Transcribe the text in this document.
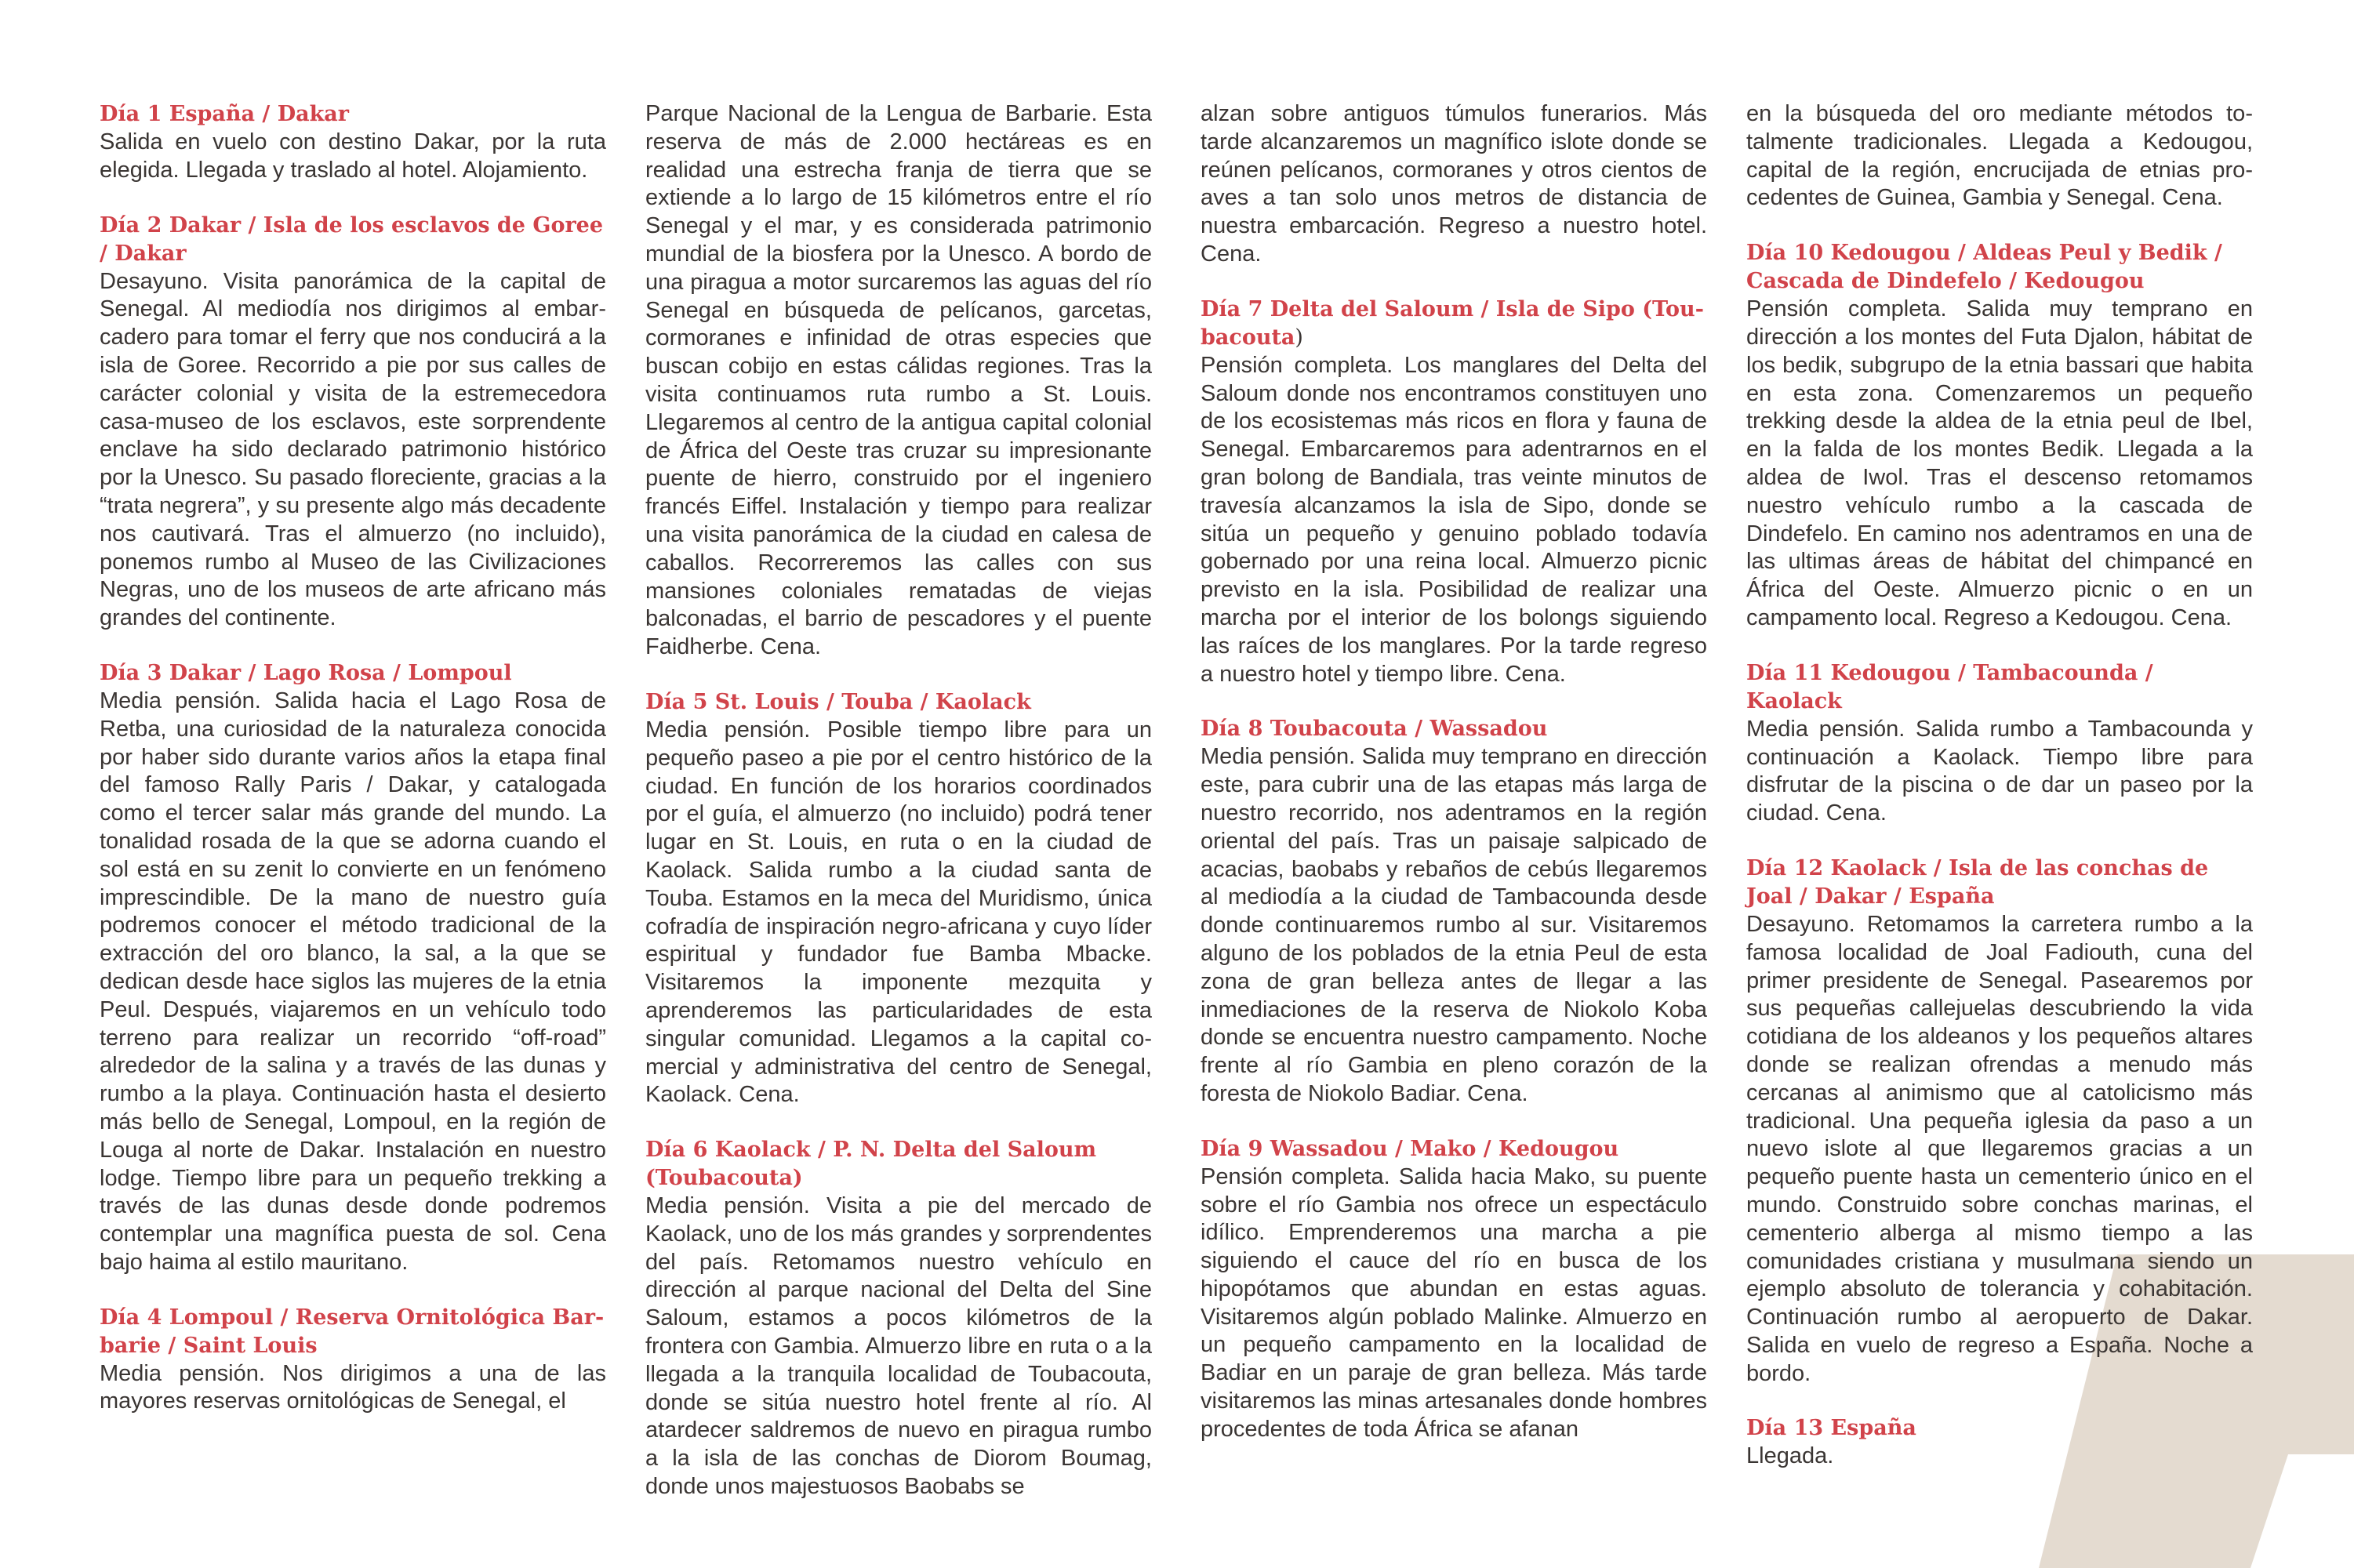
Día 1 España / Dakar

Salida en vuelo con destino Dakar, por la ruta elegida. Llegada y traslado al hotel. Alojamiento.

Día 2 Dakar / Isla de los esclavos de Goree / Dakar

Desayuno. Visita panorámica de la capital de Senegal. Al mediodía nos dirigimos al embarcadero para tomar el ferry que nos conducirá a la isla de Goree. Recorrido a pie por sus calles de carácter colonial y visita de la estremecedora casa-museo de los esclavos, este sorprendente enclave ha sido declarado patrimonio histórico por la Unesco. Su pasado floreciente, gracias a la “trata negrera”, y su presente algo más decadente nos cautivará. Tras el almuerzo (no incluido), ponemos rumbo al Museo de las Civilizaciones Negras, uno de los museos de arte africano más grandes del continente.

Día 3 Dakar / Lago Rosa / Lompoul

Media pensión. Salida hacia el Lago Rosa de Retba, una curiosidad de la naturaleza conocida por haber sido durante varios años la etapa final del famoso Rally Paris / Dakar, y catalogada como el tercer salar más grande del mundo. La tonalidad rosada de la que se adorna cuando el sol está en su zenit lo convierte en un fenómeno imprescindible. De la mano de nuestro guía podremos conocer el método tradicional de la extracción del oro blanco, la sal, a la que se dedican desde hace siglos las mujeres de la etnia Peul. Después, viajaremos en un vehículo todo terreno para realizar un recorrido “off-road” alrededor de la salina y a través de las dunas y rumbo a la playa. Continuación hasta el desierto más bello de Senegal, Lompoul, en la región de Louga al norte de Dakar. Instalación en nuestro lodge. Tiempo libre para un pequeño trekking a través de las dunas desde donde podremos contemplar una magnífica puesta de sol. Cena bajo haima al estilo mauritano.

Día 4 Lompoul / Reserva Ornitológica Barbarie / Saint Louis

Media pensión. Nos dirigimos a una de las mayores reservas ornitológicas de Senegal, el

Parque Nacional de la Lengua de Barbarie. Esta reserva de más de 2.000 hectáreas es en realidad una estrecha franja de tierra que se extiende a lo largo de 15 kilómetros entre el río Senegal y el mar, y es considerada patrimonio mundial de la biosfera por la Unesco. A bordo de una piragua a motor surcaremos las aguas del río Senegal en búsqueda de pelícanos, garcetas, cormoranes e infinidad de otras especies que buscan cobijo en estas cálidas regiones. Tras la visita continuamos ruta rumbo a St. Louis. Llegaremos al centro de la antigua capital colonial de África del Oeste tras cruzar su impresionante puente de hierro, construido por el ingeniero francés Eiffel. Instalación y tiempo para realizar una visita panorámica de la ciudad en calesa de caballos. Recorreremos las calles con sus mansiones coloniales rematadas de viejas balconadas, el barrio de pescadores y el puente Faidherbe. Cena.

Día 5 St. Louis / Touba / Kaolack

Media pensión. Posible tiempo libre para un pequeño paseo a pie por el centro histórico de la ciudad. En función de los horarios coordinados por el guía, el almuerzo (no incluido) podrá tener lugar en St. Louis, en ruta o en la ciudad de Kaolack. Salida rumbo a la ciudad santa de Touba. Estamos en la meca del Muridismo, única cofradía de inspiración negro-africana y cuyo líder espiritual y fundador fue Bamba Mbacke. Visitaremos la imponente mezquita y aprenderemos las particularidades de esta singular comunidad. Llegamos a la capital comercial y administrativa del centro de Senegal, Kaolack. Cena.

Día 6 Kaolack / P. N. Delta del Saloum (Toubacouta)

Media pensión. Visita a pie del mercado de Kaolack, uno de los más grandes y sorprendentes del país. Retomamos nuestro vehículo en dirección al parque nacional del Delta del Sine Saloum, estamos a pocos kilómetros de la frontera con Gambia. Almuerzo libre en ruta o a la llegada a la tranquila localidad de Toubacouta, donde se sitúa nuestro hotel frente al río. Al atardecer saldremos de nuevo en piragua rumbo a la isla de las conchas de Diorom Boumag, donde unos majestuosos Baobabs se

alzan sobre antiguos túmulos funerarios. Más tarde alcanzaremos un magnífico islote donde se reúnen pelícanos, cormoranes y otros cientos de aves a tan solo unos metros de distancia de nuestra embarcación. Regreso a nuestro hotel. Cena.

Día 7 Delta del Saloum / Isla de Sipo (Toubacouta)

Pensión completa. Los manglares del Delta del Saloum donde nos encontramos constituyen uno de los ecosistemas más ricos en flora y fauna de Senegal. Embarcaremos para adentrarnos en el gran bolong de Bandiala, tras veinte minutos de travesía alcanzamos la isla de Sipo, donde se sitúa un pequeño y genuino poblado todavía gobernado por una reina local. Almuerzo picnic previsto en la isla. Posibilidad de realizar una marcha por el interior de los bolongs siguiendo las raíces de los manglares. Por la tarde regreso a nuestro hotel y tiempo libre. Cena.

Día 8 Toubacouta / Wassadou

Media pensión. Salida muy temprano en dirección este, para cubrir una de las etapas más larga de nuestro recorrido, nos adentramos en la región oriental del país. Tras un paisaje salpicado de acacias, baobabs y rebaños de cebús llegaremos al mediodía a la ciudad de Tambacounda desde donde continuaremos rumbo al sur. Visitaremos alguno de los poblados de la etnia Peul de esta zona de gran belleza antes de llegar a las inmediaciones de la reserva de Niokolo Koba donde se encuentra nuestro campamento. Noche frente al río Gambia en pleno corazón de la foresta de Niokolo Badiar. Cena.

Día 9 Wassadou / Mako / Kedougou

Pensión completa. Salida hacia Mako, su puente sobre el río Gambia nos ofrece un espectáculo idílico. Emprenderemos una marcha a pie siguiendo el cauce del río en busca de los hipopótamos que abundan en estas aguas. Visitaremos algún poblado Malinke. Almuerzo en un pequeño campamento en la localidad de Badiar en un paraje de gran belleza. Más tarde visitaremos las minas artesanales donde hombres procedentes de toda África se afanan

en la búsqueda del oro mediante métodos totalmente tradicionales. Llegada a Kedougou, capital de la región, encrucijada de etnias procedentes de Guinea, Gambia y Senegal. Cena.

Día 10 Kedougou / Aldeas Peul y Bedik / Cascada de Dindefelo / Kedougou

Pensión completa. Salida muy temprano en dirección a los montes del Futa Djalon, hábitat de los bedik, subgrupo de la etnia bassari que habita en esta zona. Comenzaremos un pequeño trekking desde la aldea de la etnia peul de Ibel, en la falda de los montes Bedik. Llegada a la aldea de Iwol. Tras el descenso retomamos nuestro vehículo rumbo a la cascada de Dindefelo. En camino nos adentramos en una de las ultimas áreas de hábitat del chimpancé en África del Oeste. Almuerzo picnic o en un campamento local. Regreso a Kedougou. Cena.

Día 11 Kedougou / Tambacounda / Kaolack

Media pensión. Salida rumbo a Tambacounda y continuación a Kaolack. Tiempo libre para disfrutar de la piscina o de dar un paseo por la ciudad. Cena.

Día 12 Kaolack / Isla de las conchas de Joal / Dakar / España

Desayuno. Retomamos la carretera rumbo a la famosa localidad de Joal Fadiouth, cuna del primer presidente de Senegal. Pasearemos por sus pequeñas callejuelas descubriendo la vida cotidiana de los aldeanos y los pequeños altares donde se realizan ofrendas a menudo más cercanas al animismo que al catolicismo más tradicional. Una pequeña iglesia da paso a un nuevo islote al que llegaremos gracias a un pequeño puente hasta un cementerio único en el mundo. Construido sobre conchas marinas, el cementerio alberga al mismo tiempo a las comunidades cristiana y musulmana siendo un ejemplo absoluto de tolerancia y cohabitación. Continuación rumbo al aeropuerto de Dakar. Salida en vuelo de regreso a España. Noche a bordo.

Día 13 España

Llegada.
